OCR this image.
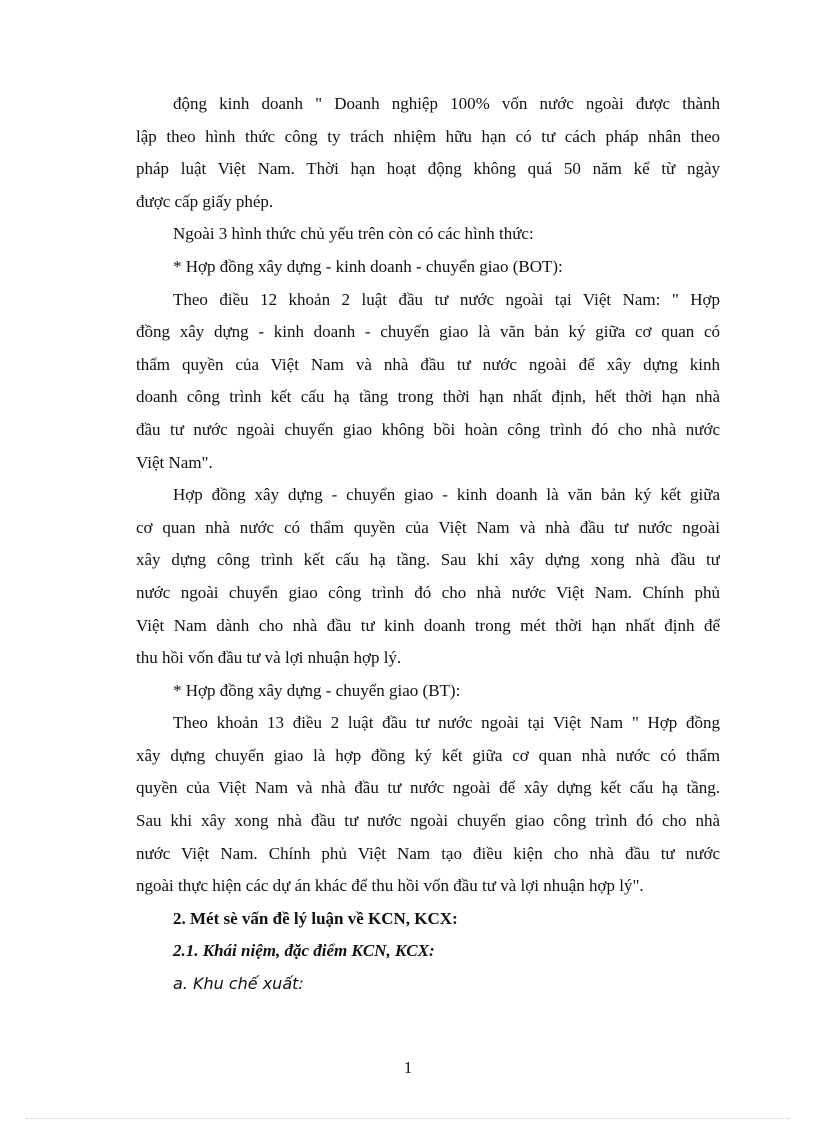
động kinh doanh " Doanh nghiệp 100% vốn nước ngoài được thành
lập theo hình thức công ty trách nhiệm hữu hạn có tư cách pháp nhân theo
pháp luật Việt Nam. Thời hạn hoạt động không quá 50 năm kể từ ngày
được cấp giấy phép.
Ngoài 3 hình thức chủ yếu trên còn có các hình thức:
* Hợp đồng xây dựng - kinh doanh - chuyển giao (BOT):
Theo điều 12 khoản 2 luật đầu tư nước ngoài tại Việt Nam: " Hợp
đồng xây dựng - kinh doanh - chuyển giao là văn bản ký giữa cơ quan có
thẩm quyền của Việt Nam và nhà đầu tư nước ngoài để xây dựng kinh
doanh công trình kết cấu hạ tầng trong thời hạn nhất định, hết thời hạn nhà
đầu tư nước ngoài chuyển giao không bồi hoàn công trình đó cho nhà nước
Việt Nam".
Hợp đồng xây dựng - chuyển giao - kinh doanh là văn bản ký kết giữa
cơ quan nhà nước có thẩm quyền của Việt Nam và nhà đầu tư nước ngoài
xây dựng công trình kết cấu hạ tầng. Sau khi xây dựng xong nhà đầu tư
nước ngoài chuyển giao công trình đó cho nhà nước Việt Nam. Chính phủ
Việt Nam dành cho nhà đầu tư kinh doanh trong mét thời hạn nhất định để
thu hồi vốn đầu tư và lợi nhuận hợp lý.
* Hợp đồng xây dựng - chuyển giao (BT):
Theo khoản 13 điều 2 luật đầu tư nước ngoài tại Việt Nam " Hợp đồng
xây dựng chuyển giao là hợp đồng ký kết giữa cơ quan nhà nước có thẩm
quyền của Việt Nam và nhà đầu tư nước ngoài để xây dựng kết cấu hạ tầng.
Sau khi xây xong nhà đầu tư nước ngoài chuyển giao công trình đó cho nhà
nước Việt Nam. Chính phủ Việt Nam tạo điều kiện cho nhà đầu tư nước
ngoài thực hiện các dự án khác để thu hồi vốn đầu tư và lợi nhuận hợp lý".
2. Mét sè vấn đề lý luận về KCN, KCX:
2.1. Khái niệm, đặc điểm KCN, KCX:
a. Khu chế xuất:
1
